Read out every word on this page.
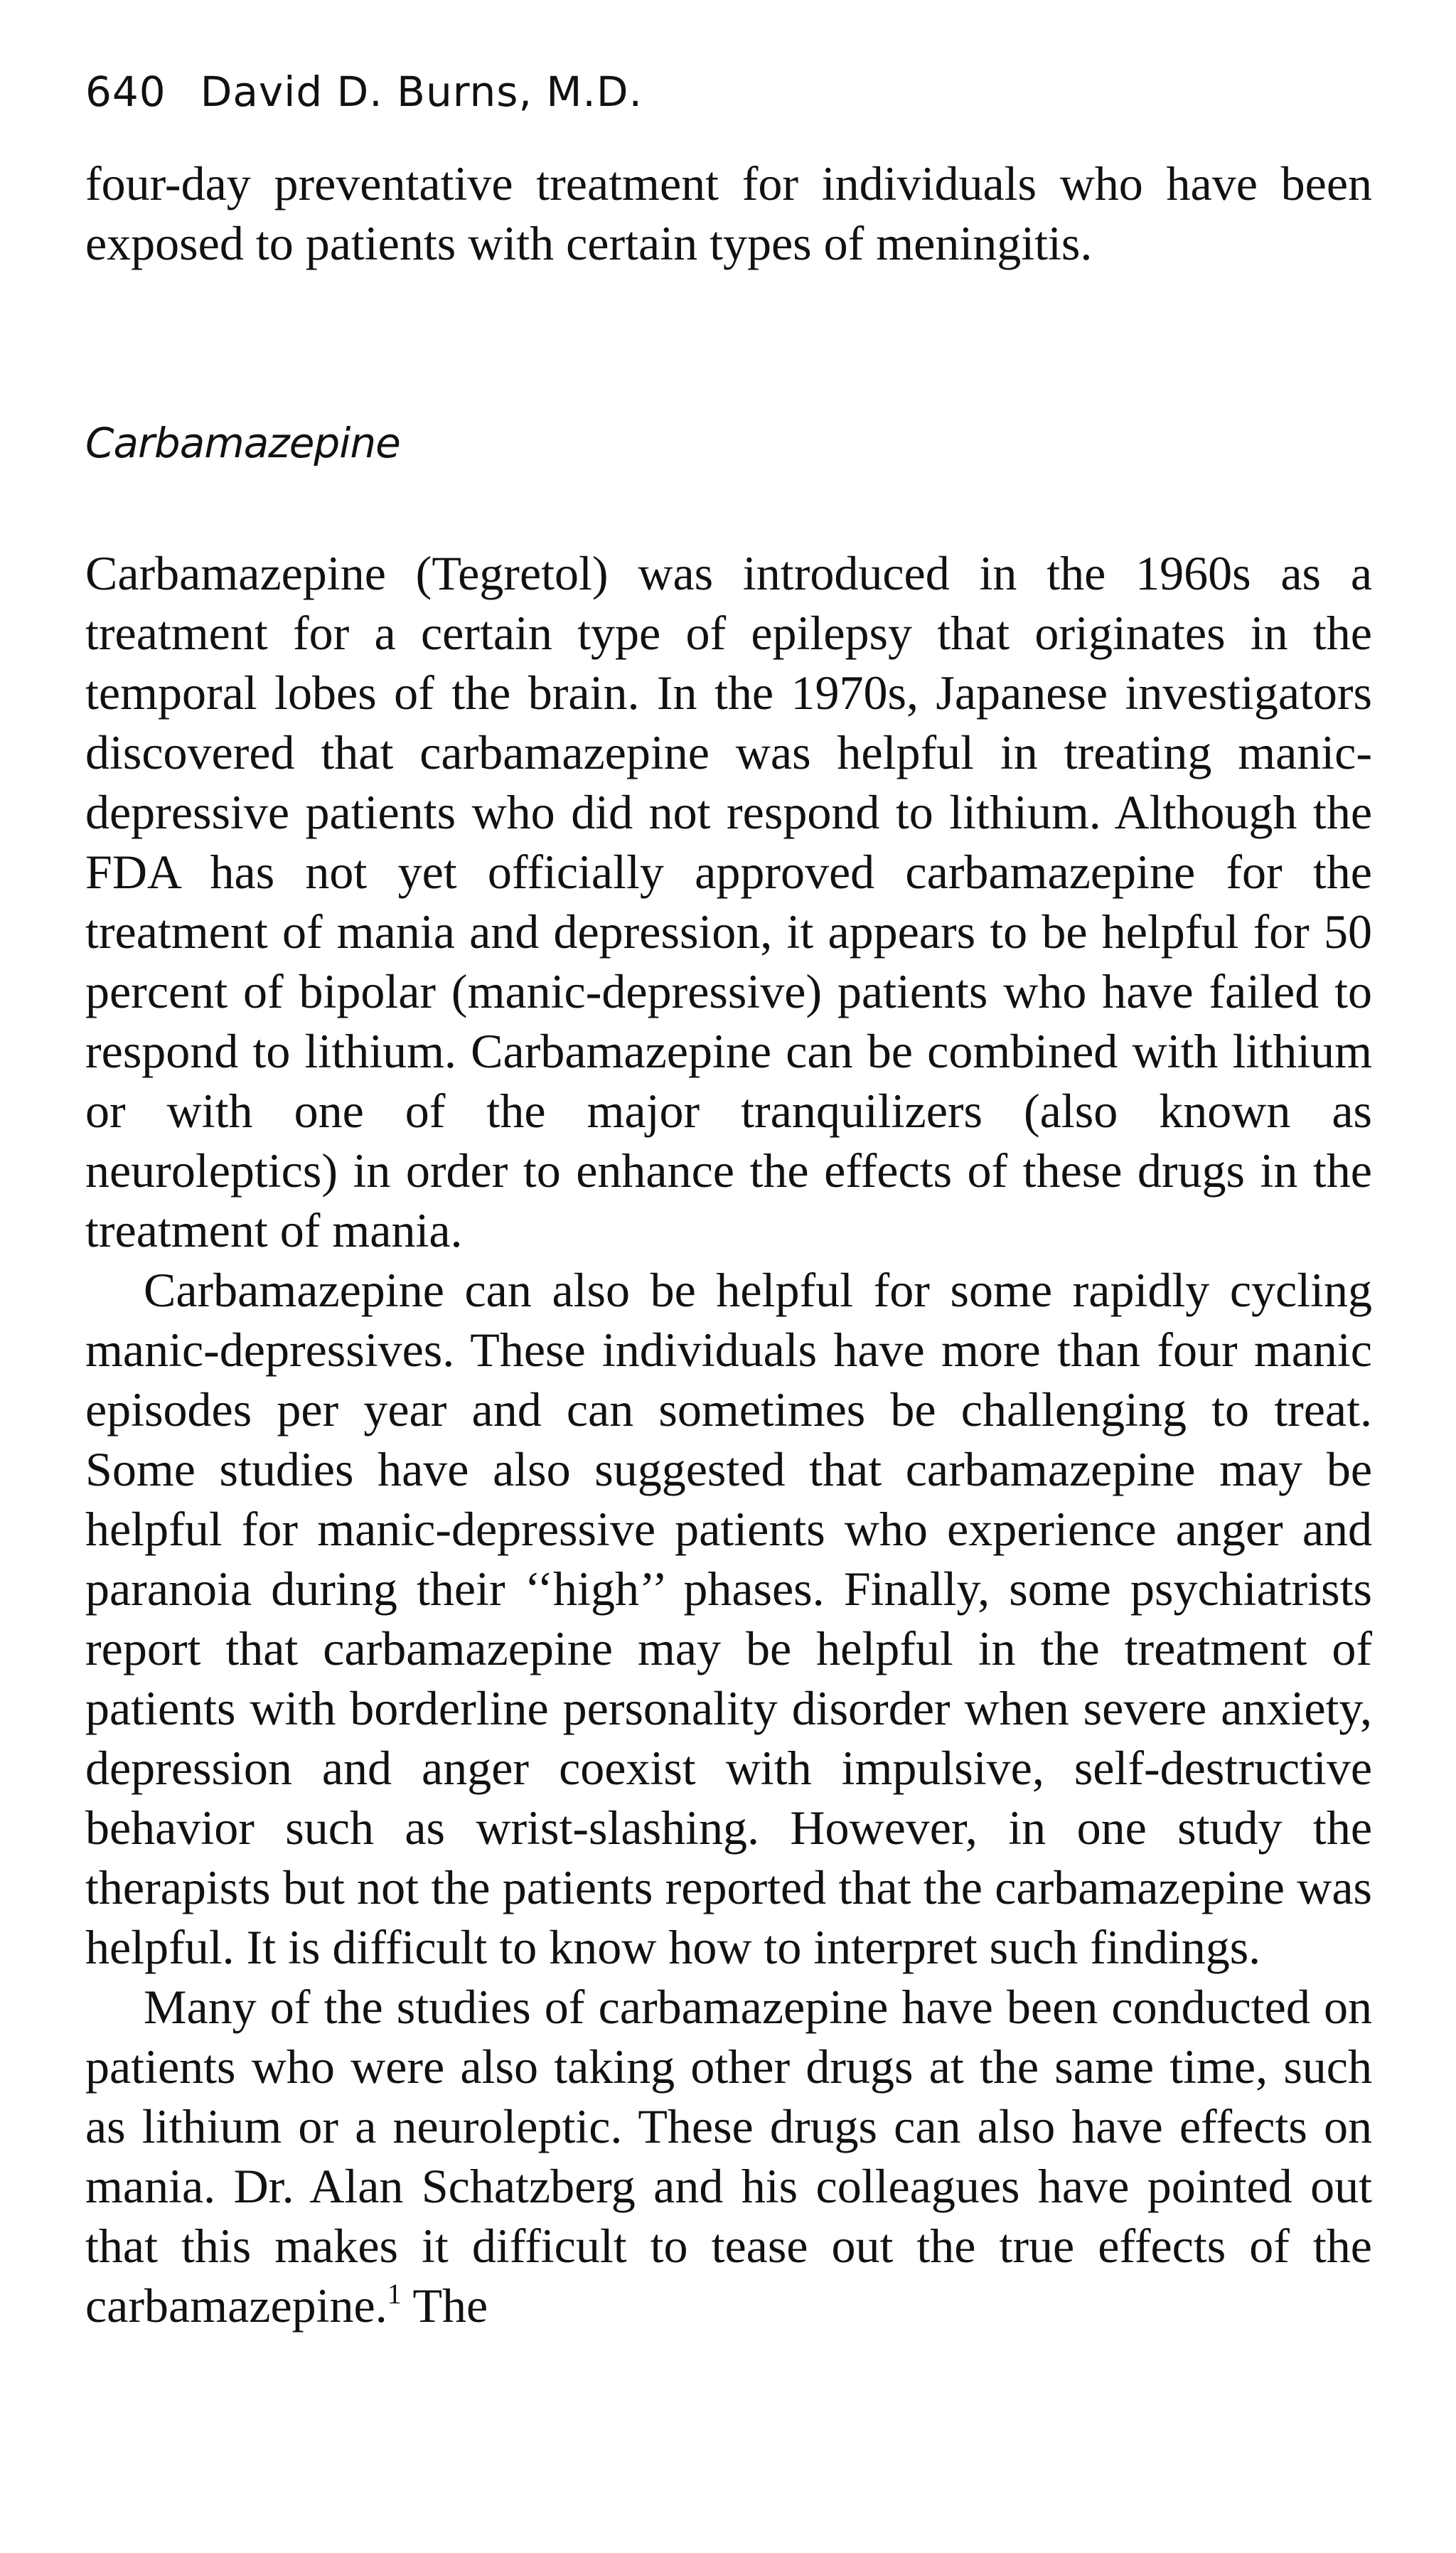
640 David D. Burns, M.D.

four-day preventative treatment for individuals who have been exposed to patients with certain types of meningitis.

Carbamazepine

Carbamazepine (Tegretol) was introduced in the 1960s as a treatment for a certain type of epilepsy that originates in the temporal lobes of the brain. In the 1970s, Japanese investigators discovered that carbamazepine was helpful in treating manic-depressive patients who did not respond to lithium. Although the FDA has not yet officially approved carbamazepine for the treatment of mania and depression, it appears to be helpful for 50 percent of bipolar (manic-depressive) patients who have failed to respond to lithium. Carbamazepine can be combined with lithium or with one of the major tranquilizers (also known as neuroleptics) in order to enhance the effects of these drugs in the treatment of mania.

Carbamazepine can also be helpful for some rapidly cycling manic-depressives. These individuals have more than four manic episodes per year and can sometimes be challenging to treat. Some studies have also suggested that carbamazepine may be helpful for manic-depressive patients who experience anger and paranoia during their ‘‘high’’ phases. Finally, some psychiatrists report that carbamazepine may be helpful in the treatment of patients with borderline personality disorder when severe anxiety, depression and anger coexist with impulsive, self-destructive behavior such as wrist-slashing. However, in one study the therapists but not the patients reported that the carbamazepine was helpful. It is difficult to know how to interpret such findings.

Many of the studies of carbamazepine have been conducted on patients who were also taking other drugs at the same time, such as lithium or a neuroleptic. These drugs can also have effects on mania. Dr. Alan Schatzberg and his colleagues have pointed out that this makes it difficult to tease out the true effects of the carbamazepine.$^1$ The
